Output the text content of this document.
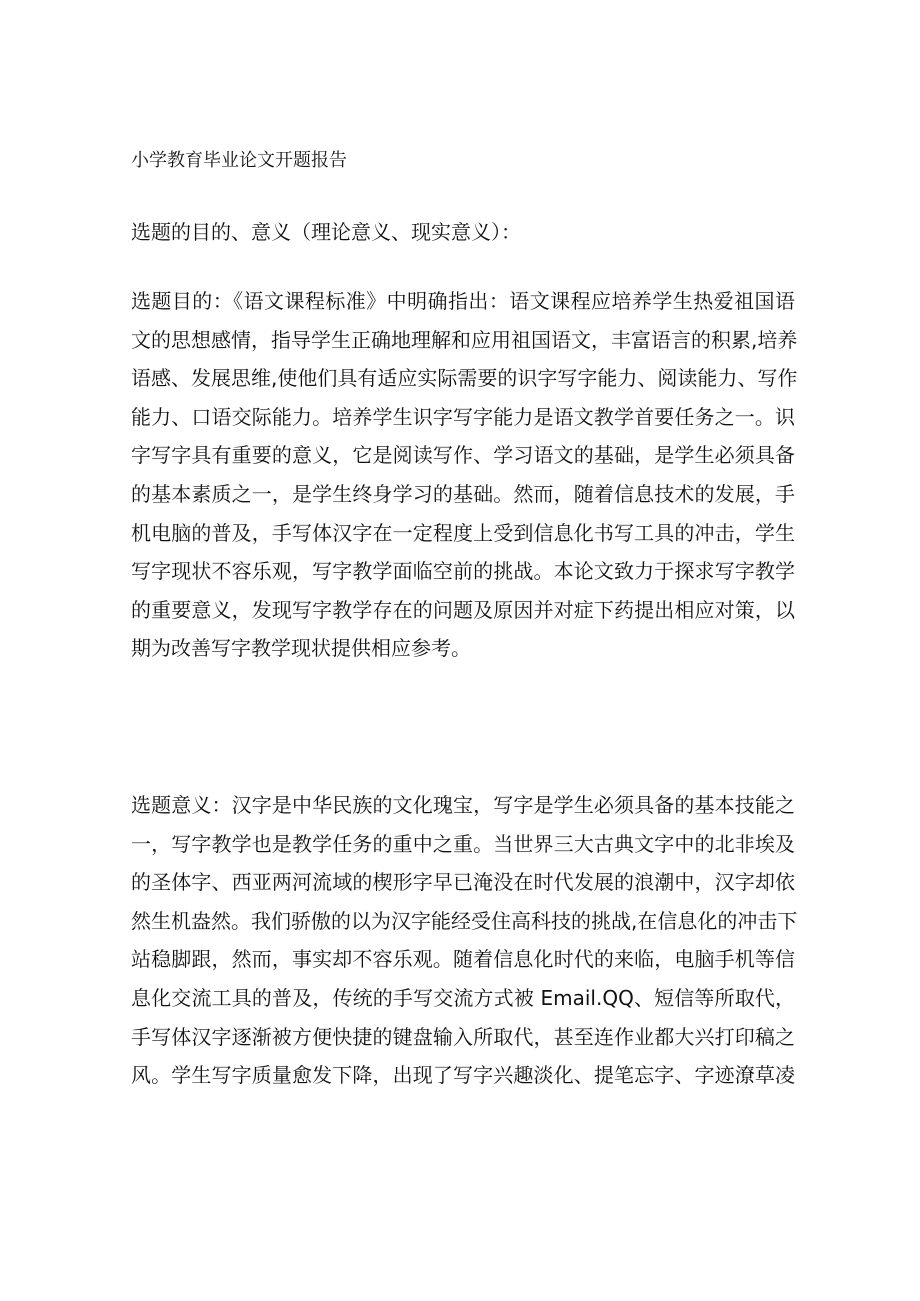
小学教育毕业论文开题报告
选题的目的、意义（理论意义、现实意义）：
选题目的：《语文课程标准》中明确指出：语文课程应培养学生热爱祖国语
文的思想感情，指导学生正确地理解和应用祖国语文，丰富语言的积累,培养
语感、发展思维,使他们具有适应实际需要的识字写字能力、阅读能力、写作
能力、口语交际能力。培养学生识字写字能力是语文教学首要任务之一。识
字写字具有重要的意义，它是阅读写作、学习语文的基础，是学生必须具备
的基本素质之一，是学生终身学习的基础。然而，随着信息技术的发展，手
机电脑的普及，手写体汉字在一定程度上受到信息化书写工具的冲击，学生
写字现状不容乐观，写字教学面临空前的挑战。本论文致力于探求写字教学
的重要意义，发现写字教学存在的问题及原因并对症下药提出相应对策，以
期为改善写字教学现状提供相应参考。
选题意义：汉字是中华民族的文化瑰宝，写字是学生必须具备的基本技能之
一，写字教学也是教学任务的重中之重。当世界三大古典文字中的北非埃及
的圣体字、西亚两河流域的楔形字早已淹没在时代发展的浪潮中，汉字却依
然生机盎然。我们骄傲的以为汉字能经受住高科技的挑战,在信息化的冲击下
站稳脚跟，然而，事实却不容乐观。随着信息化时代的来临，电脑手机等信
息化交流工具的普及，传统的手写交流方式被 Email.QQ、短信等所取代，
手写体汉字逐渐被方便快捷的键盘输入所取代，甚至连作业都大兴打印稿之
风。学生写字质量愈发下降，出现了写字兴趣淡化、提笔忘字、字迹潦草凌
